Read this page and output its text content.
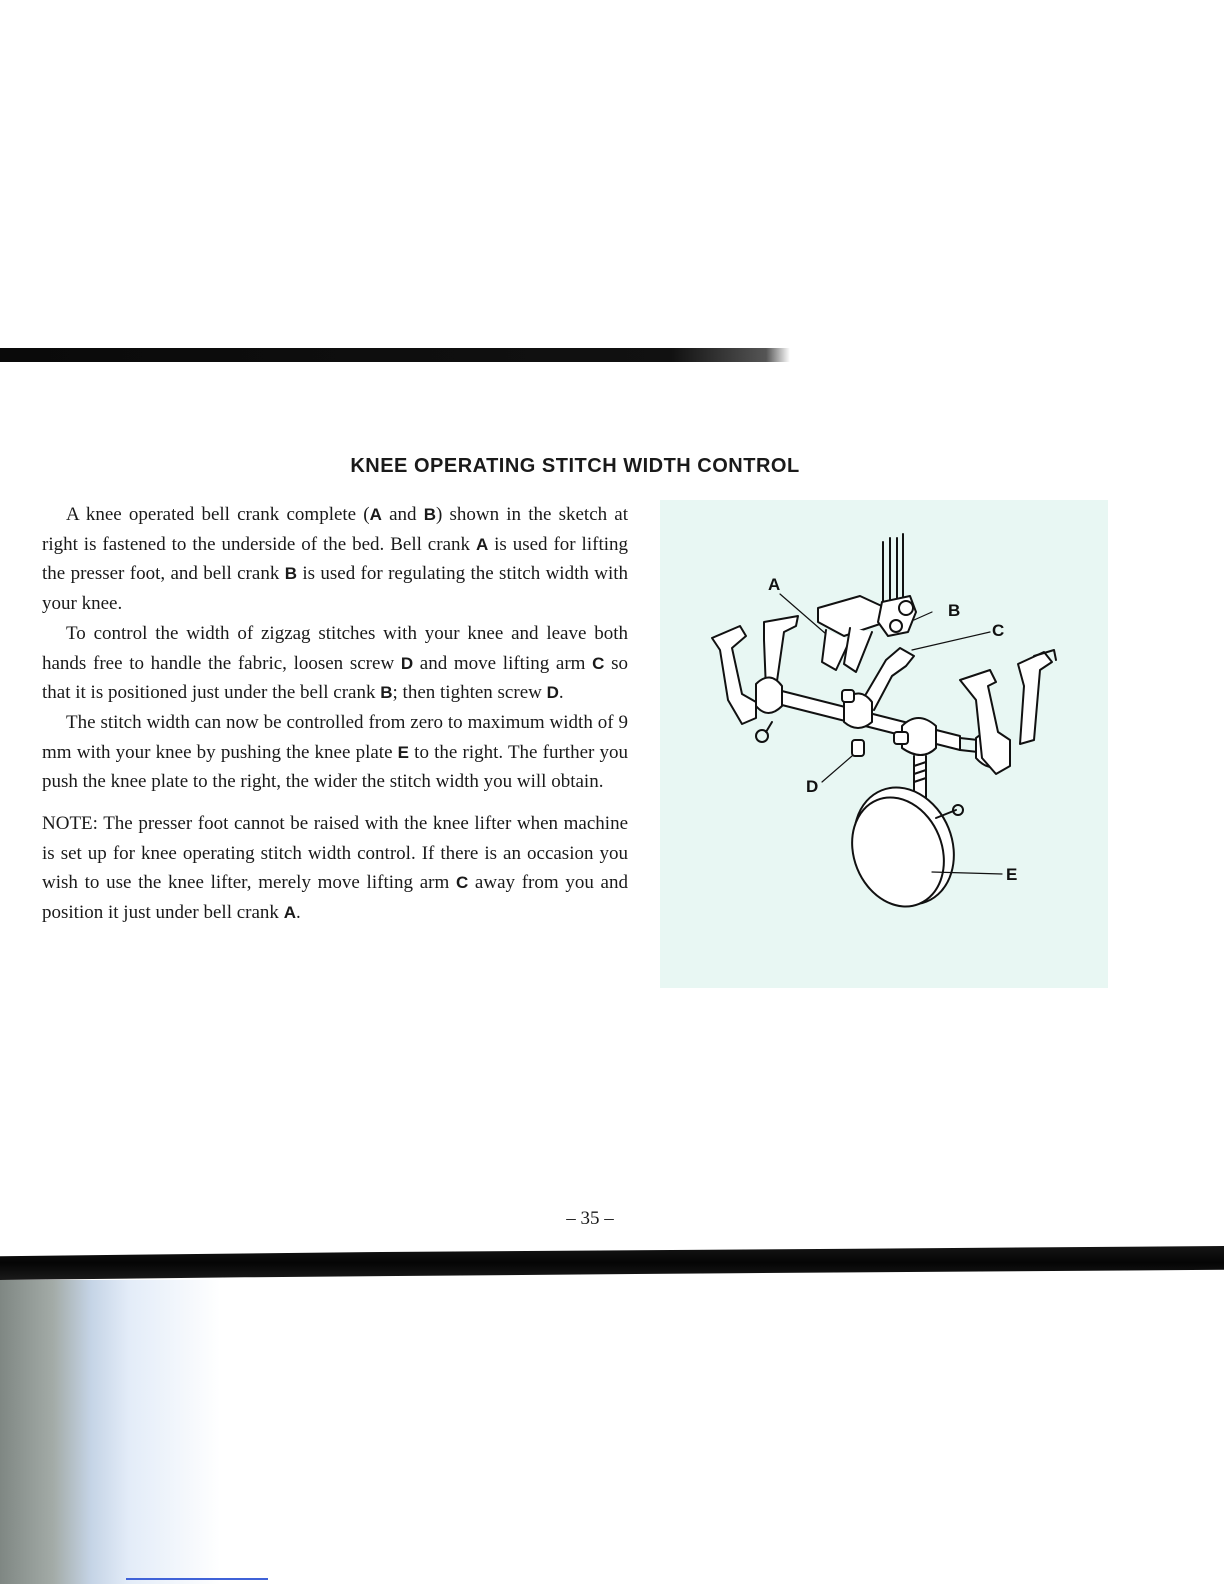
KNEE OPERATING STITCH WIDTH CONTROL

A knee operated bell crank complete (A and B) shown in the sketch at right is fastened to the underside of the bed. Bell crank A is used for lifting the presser foot, and bell crank B is used for regulating the stitch width with your knee.

To control the width of zigzag stitches with your knee and leave both hands free to handle the fabric, loosen screw D and move lifting arm C so that it is positioned just under the bell crank B; then tighten screw D.

The stitch width can now be controlled from zero to maximum width of 9 mm with your knee by pushing the knee plate E to the right. The further you push the knee plate to the right, the wider the stitch width you will obtain.

NOTE: The presser foot cannot be raised with the knee lifter when machine is set up for knee operating stitch width control. If there is an occasion you wish to use the knee lifter, merely move lifting arm C away from you and position it just under bell crank A.

A
B
C
D
E
– 35 –
